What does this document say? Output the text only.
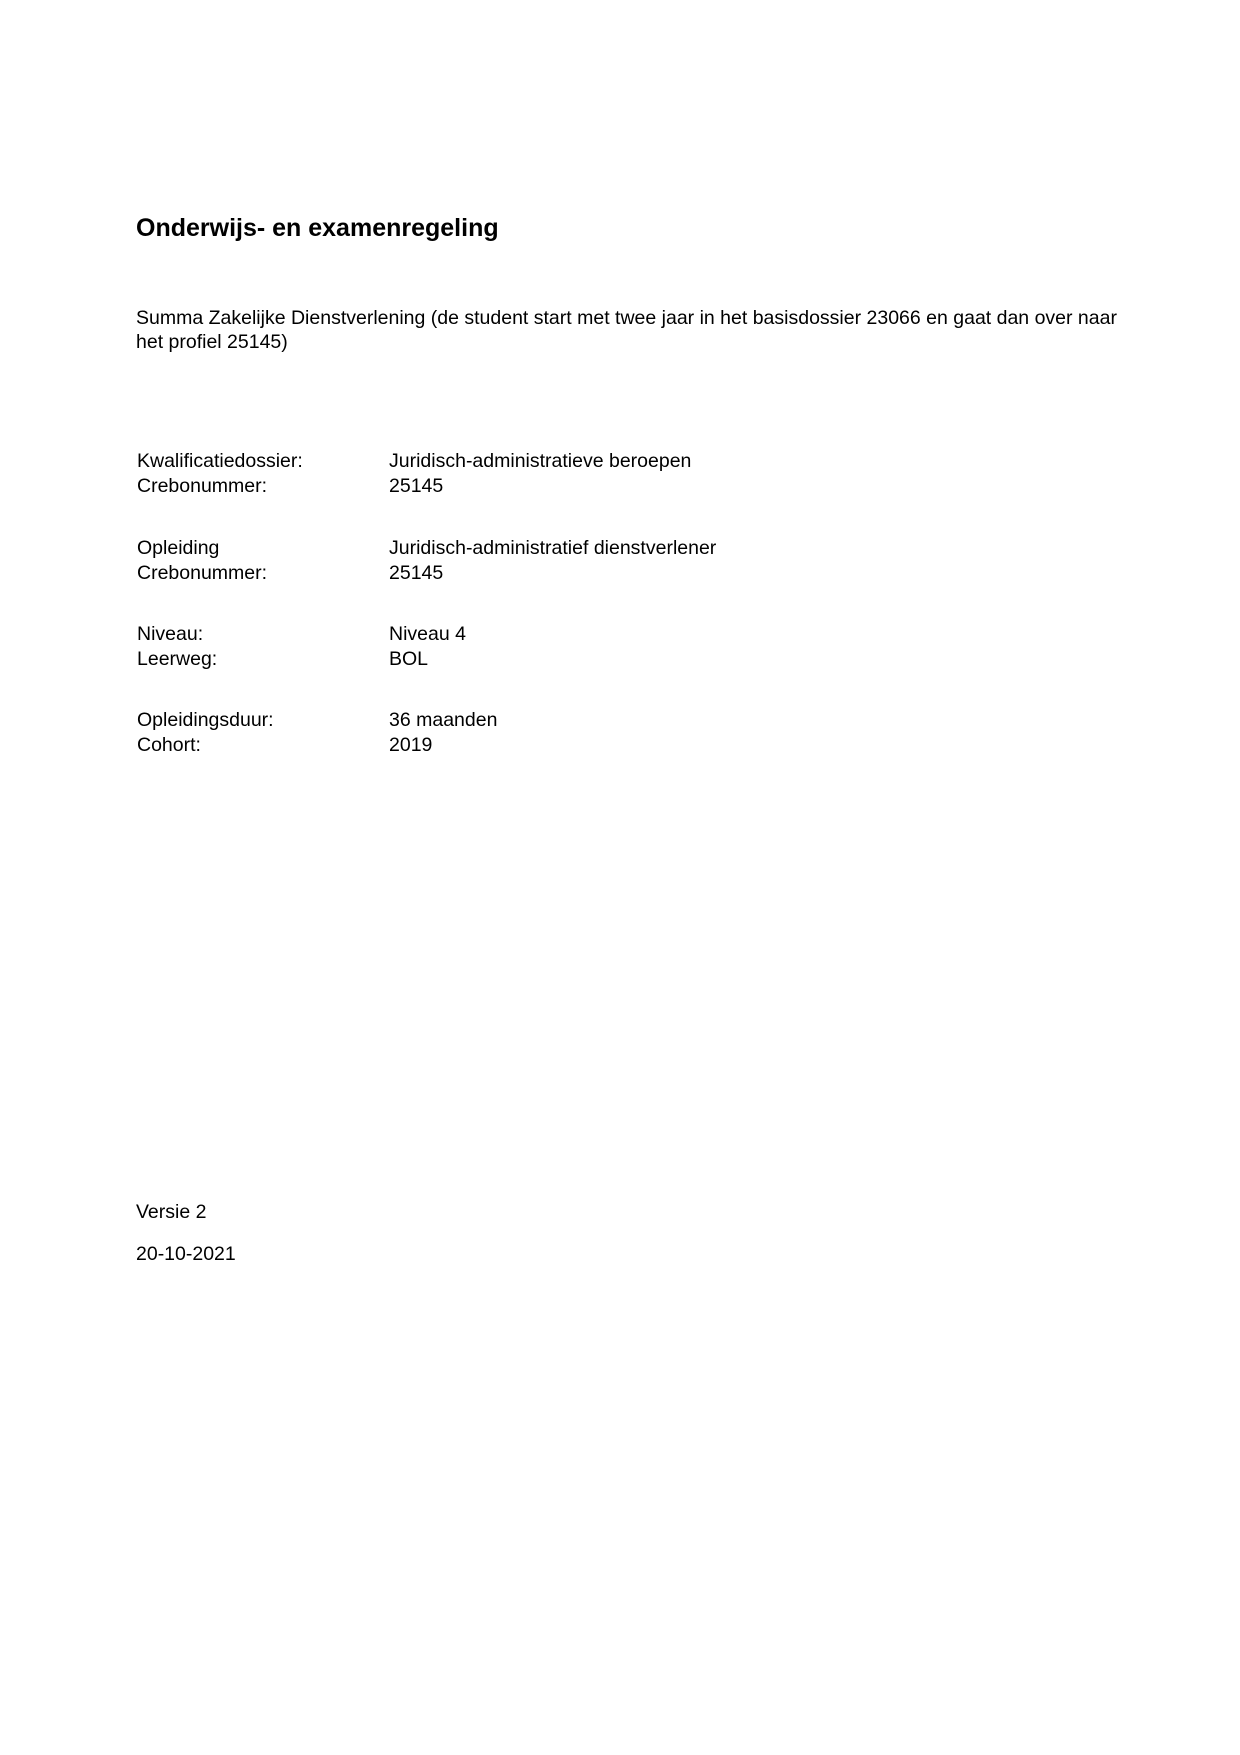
Onderwijs- en examenregeling

Summa Zakelijke Dienstverlening (de student start met twee jaar in het basisdossier 23066 en gaat dan over naar het profiel 25145)

Kwalificatiedossier:	Juridisch-administratieve beroepen
Crebonummer:	25145
Opleiding	Juridisch-administratief dienstverlener
Crebonummer:	25145
Niveau:	Niveau 4
Leerweg:	BOL
Opleidingsduur:	36 maanden
Cohort:	2019

Versie 2

20-10-2021
